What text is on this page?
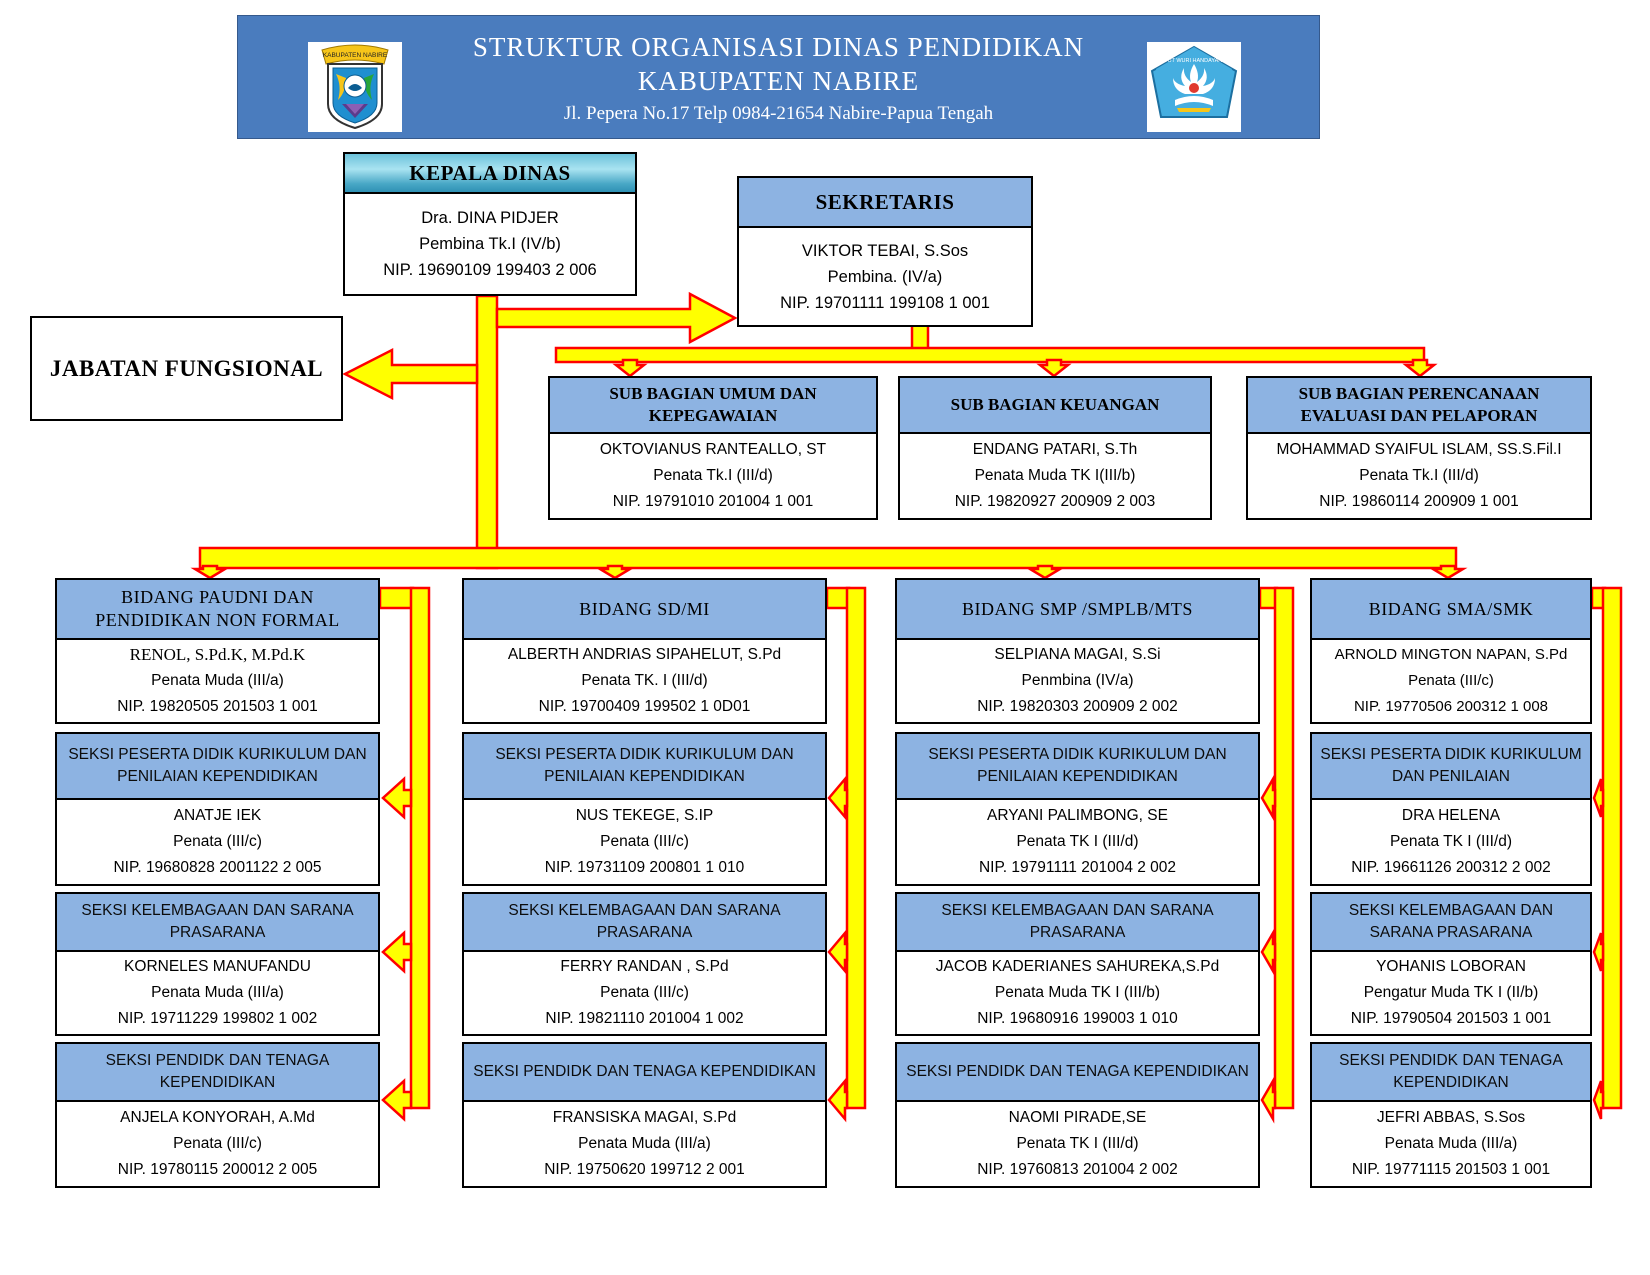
STRUKTUR ORGANISASI DINAS PENDIDIKAN
KABUPATEN NABIRE
Jl. Pepera No.17 Telp 0984-21654 Nabire-Papua Tengah
KABUPATEN NABIRE
TUT WURI HANDAYANI
KEPALA DINAS
Dra. DINA PIDJER
Pembina Tk.I (IV/b)
NIP. 19690109 199403 2 006
SEKRETARIS
VIKTOR TEBAI, S.Sos
Pembina. (IV/a)
NIP. 19701111 199108 1 001
JABATAN FUNGSIONAL
SUB BAGIAN UMUM DAN KEPEGAWAIAN
OKTOVIANUS RANTEALLO, ST
Penata Tk.I (III/d)
NIP. 19791010 201004 1 001
SUB BAGIAN KEUANGAN
ENDANG PATARI, S.Th
Penata Muda TK I(III/b)
NIP. 19820927 200909 2 003
SUB BAGIAN PERENCANAAN EVALUASI DAN PELAPORAN
MOHAMMAD SYAIFUL ISLAM, SS.S.Fil.I
Penata Tk.I (III/d)
NIP. 19860114 200909 1 001
BIDANG PAUDNI DAN PENDIDIKAN NON FORMAL
RENOL, S.Pd.K, M.Pd.K
Penata Muda (III/a)
NIP. 19820505 201503 1 001
SEKSI PESERTA DIDIK KURIKULUM DAN PENILAIAN KEPENDIDIKAN
ANATJE IEK
Penata (III/c)
NIP. 19680828 2001122 2 005
SEKSI KELEMBAGAAN DAN SARANA PRASARANA
KORNELES MANUFANDU
Penata Muda (III/a)
NIP. 19711229 199802 1 002
SEKSI PENDIDK DAN TENAGA KEPENDIDIKAN
ANJELA KONYORAH, A.Md
Penata (III/c)
NIP. 19780115 200012 2 005
BIDANG SD/MI
ALBERTH ANDRIAS SIPAHELUT, S.Pd
Penata TK. I (III/d)
NIP. 19700409 199502 1 0D01
SEKSI PESERTA DIDIK KURIKULUM DAN PENILAIAN KEPENDIDIKAN
NUS TEKEGE, S.IP
Penata (III/c)
NIP. 19731109 200801 1 010
SEKSI KELEMBAGAAN DAN SARANA PRASARANA
FERRY RANDAN , S.Pd
Penata (III/c)
NIP. 19821110 201004 1 002
SEKSI PENDIDK DAN TENAGA KEPENDIDIKAN
FRANSISKA MAGAI, S.Pd
Penata Muda (III/a)
NIP. 19750620 199712 2 001
BIDANG SMP /SMPLB/MTS
SELPIANA MAGAI, S.Si
Penmbina (IV/a)
NIP. 19820303 200909 2 002
SEKSI PESERTA DIDIK KURIKULUM DAN PENILAIAN KEPENDIDIKAN
ARYANI PALIMBONG, SE
Penata TK I (III/d)
NIP. 19791111 201004 2 002
SEKSI KELEMBAGAAN DAN SARANA PRASARANA
JACOB KADERIANES SAHUREKA,S.Pd
Penata Muda TK I (III/b)
NIP. 19680916 199003 1 010
SEKSI PENDIDK DAN TENAGA KEPENDIDIKAN
NAOMI PIRADE,SE
Penata TK I (III/d)
NIP. 19760813 201004 2 002
BIDANG SMA/SMK
ARNOLD MINGTON NAPAN, S.Pd
Penata (III/c)
NIP. 19770506 200312 1 008
SEKSI PESERTA DIDIK KURIKULUM DAN PENILAIAN
DRA HELENA
Penata TK I (III/d)
NIP. 19661126 200312 2 002
SEKSI KELEMBAGAAN DAN SARANA PRASARANA
YOHANIS LOBORAN
Pengatur Muda TK I (II/b)
NIP. 19790504 201503 1 001
SEKSI PENDIDK DAN TENAGA KEPENDIDIKAN
JEFRI ABBAS, S.Sos
Penata Muda (III/a)
NIP. 19771115 201503 1 001
